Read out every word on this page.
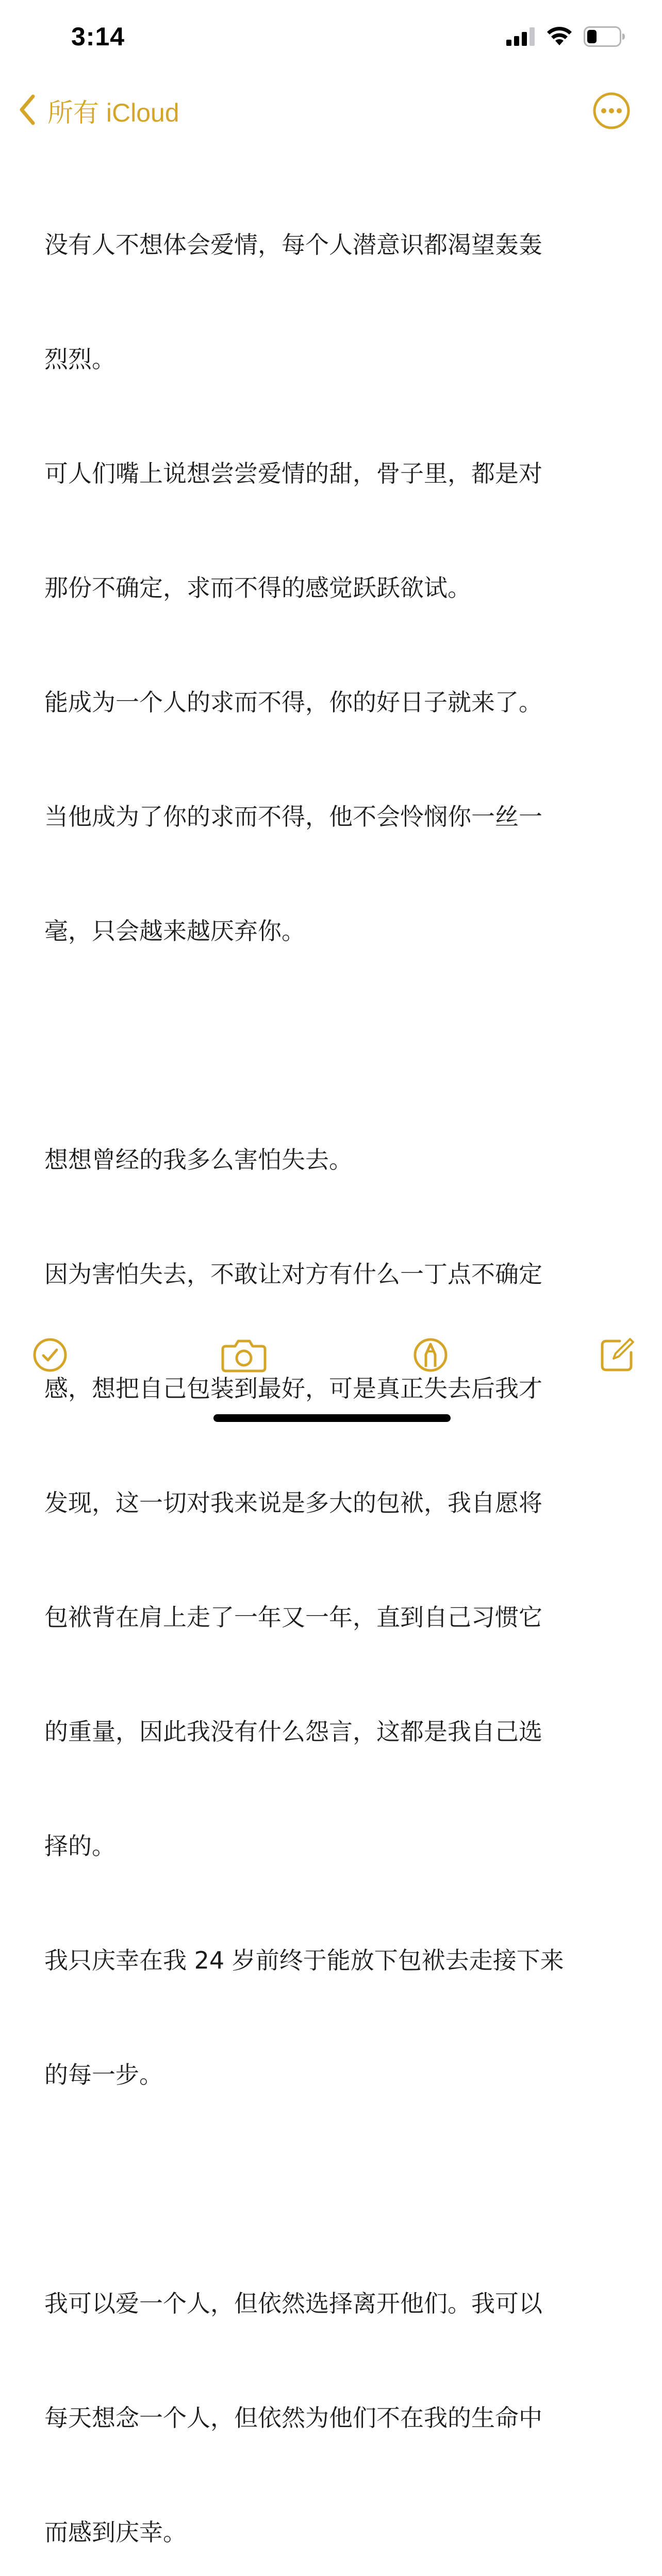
3:14
所有 iCloud

没有人不想体会爱情，每个人潜意识都渴望轰轰

烈烈。

可人们嘴上说想尝尝爱情的甜，骨子里，都是对

那份不确定，求而不得的感觉跃跃欲试。

能成为一个人的求而不得，你的好日子就来了。

当他成为了你的求而不得，他不会怜悯你一丝一

毫，只会越来越厌弃你。

想想曾经的我多么害怕失去。

因为害怕失去，不敢让对方有什么一丁点不确定

感，想把自己包装到最好，可是真正失去后我才

发现，这一切对我来说是多大的包袱，我自愿将

包袱背在肩上走了一年又一年，直到自己习惯它

的重量，因此我没有什么怨言，这都是我自己选

择的。

我只庆幸在我 24 岁前终于能放下包袱去走接下来

的每一步。

我可以爱一个人，但依然选择离开他们。我可以

每天想念一个人，但依然为他们不在我的生命中

而感到庆幸。
